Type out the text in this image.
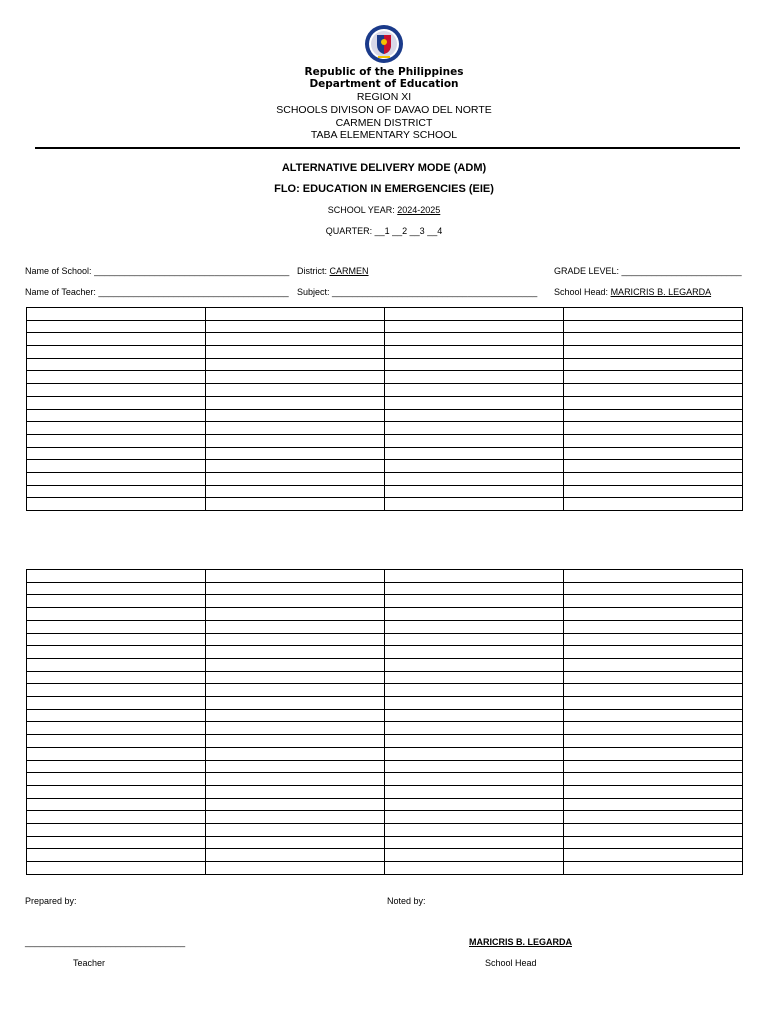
Republic of the Philippines
Department of Education
REGION XI
SCHOOLS DIVISON OF DAVAO DEL NORTE
CARMEN DISTRICT
TABA ELEMENTARY SCHOOL
ALTERNATIVE DELIVERY MODE (ADM)
FLO: EDUCATION IN EMERGENCIES (EIE)
SCHOOL YEAR: 2024-2025
QUARTER: __1 __2 __3 __4
Name of School: _______________________________________ District: CARMEN	GRADE LEVEL: ________________________
Name of Teacher: ______________________________________ Subject: _________________________________________ School Head: MARICRIS B. LEGARDA

Prepared by:	Noted by:
________________________________
Teacher
MARICRIS B. LEGARDA
School Head
